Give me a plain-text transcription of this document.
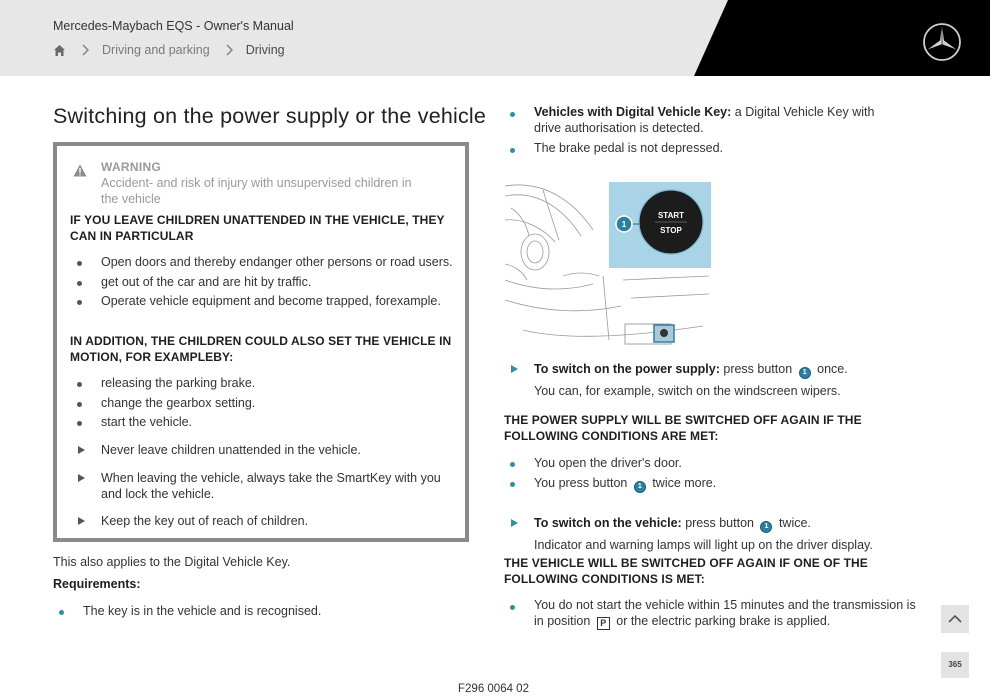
Mercedes-Maybach EQS - Owner's Manual
Driving and parking	Driving
Switching on the power supply or the vehicle
WARNING
Accident- and risk of injury with unsupervised children in the vehicle
IF YOU LEAVE CHILDREN UNATTENDED IN THE VEHICLE, THEY CAN IN PARTICULAR
Open doors and thereby endanger other persons or road users.
get out of the car and are hit by traffic.
Operate vehicle equipment and become trapped, forexample.
IN ADDITION, THE CHILDREN COULD ALSO SET THE VEHICLE IN MOTION, FOR EXAMPLEBY:
releasing the parking brake.
change the gearbox setting.
start the vehicle.
Never leave children unattended in the vehicle.
When leaving the vehicle, always take the SmartKey with you and lock the vehicle.
Keep the key out of reach of children.
This also applies to the Digital Vehicle Key.
Requirements:
The key is in the vehicle and is recognised.
Vehicles with Digital Vehicle Key: a Digital Vehicle Key with drive authorisation is detected.
The brake pedal is not depressed.
START
STOP
1
To switch on the power supply: press button 1 once.
You can, for example, switch on the windscreen wipers.
THE POWER SUPPLY WILL BE SWITCHED OFF AGAIN IF THE FOLLOWING CONDITIONS ARE MET:
You open the driver's door.
You press button 1 twice more.
To switch on the vehicle: press button 1 twice.
Indicator and warning lamps will light up on the driver display.
THE VEHICLE WILL BE SWITCHED OFF AGAIN IF ONE OF THE FOLLOWING CONDITIONS IS MET:
You do not start the vehicle within 15 minutes and the transmission is in position P or the electric parking brake is applied.
365
F296 0064 02
